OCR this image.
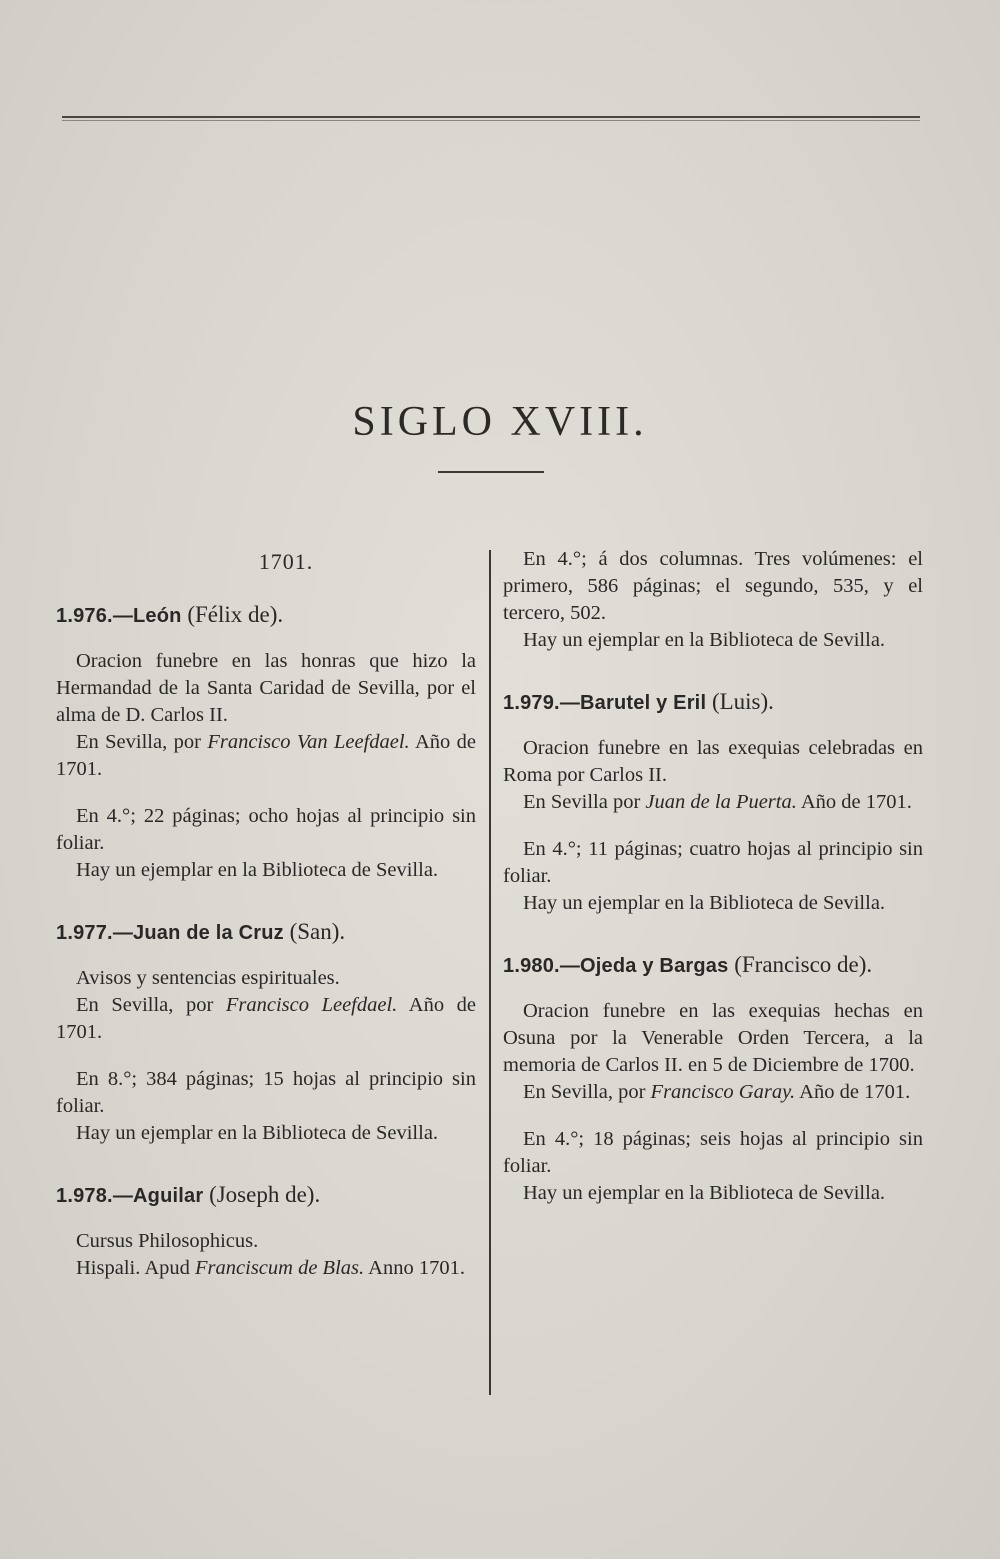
SIGLO XVIII.
1701.
1.976.—León (Félix de).

Oracion funebre en las honras que hizo la Hermandad de la Santa Caridad de Sevilla, por el alma de D. Carlos II.

En Sevilla, por Francisco Van Leefdael. Año de 1701.

En 4.°; 22 páginas; ocho hojas al principio sin foliar.

Hay un ejemplar en la Biblioteca de Sevilla.

1.977.—Juan de la Cruz (San).

Avisos y sentencias espirituales.

En Sevilla, por Francisco Leefdael. Año de 1701.

En 8.°; 384 páginas; 15 hojas al principio sin foliar.

Hay un ejemplar en la Biblioteca de Sevilla.

1.978.—Aguilar (Joseph de).

Cursus Philosophicus.

Hispali. Apud Franciscum de Blas. Anno 1701.

En 4.°; á dos columnas. Tres volúmenes: el primero, 586 páginas; el segundo, 535, y el tercero, 502.

Hay un ejemplar en la Biblioteca de Sevilla.

1.979.—Barutel y Eril (Luis).

Oracion funebre en las exequias celebradas en Roma por Carlos II.

En Sevilla por Juan de la Puerta. Año de 1701.

En 4.°; 11 páginas; cuatro hojas al principio sin foliar.

Hay un ejemplar en la Biblioteca de Sevilla.

1.980.—Ojeda y Bargas (Francisco de).

Oracion funebre en las exequias hechas en Osuna por la Venerable Orden Tercera, a la memoria de Carlos II. en 5 de Diciembre de 1700.

En Sevilla, por Francisco Garay. Año de 1701.

En 4.°; 18 páginas; seis hojas al principio sin foliar.

Hay un ejemplar en la Biblioteca de Sevilla.
